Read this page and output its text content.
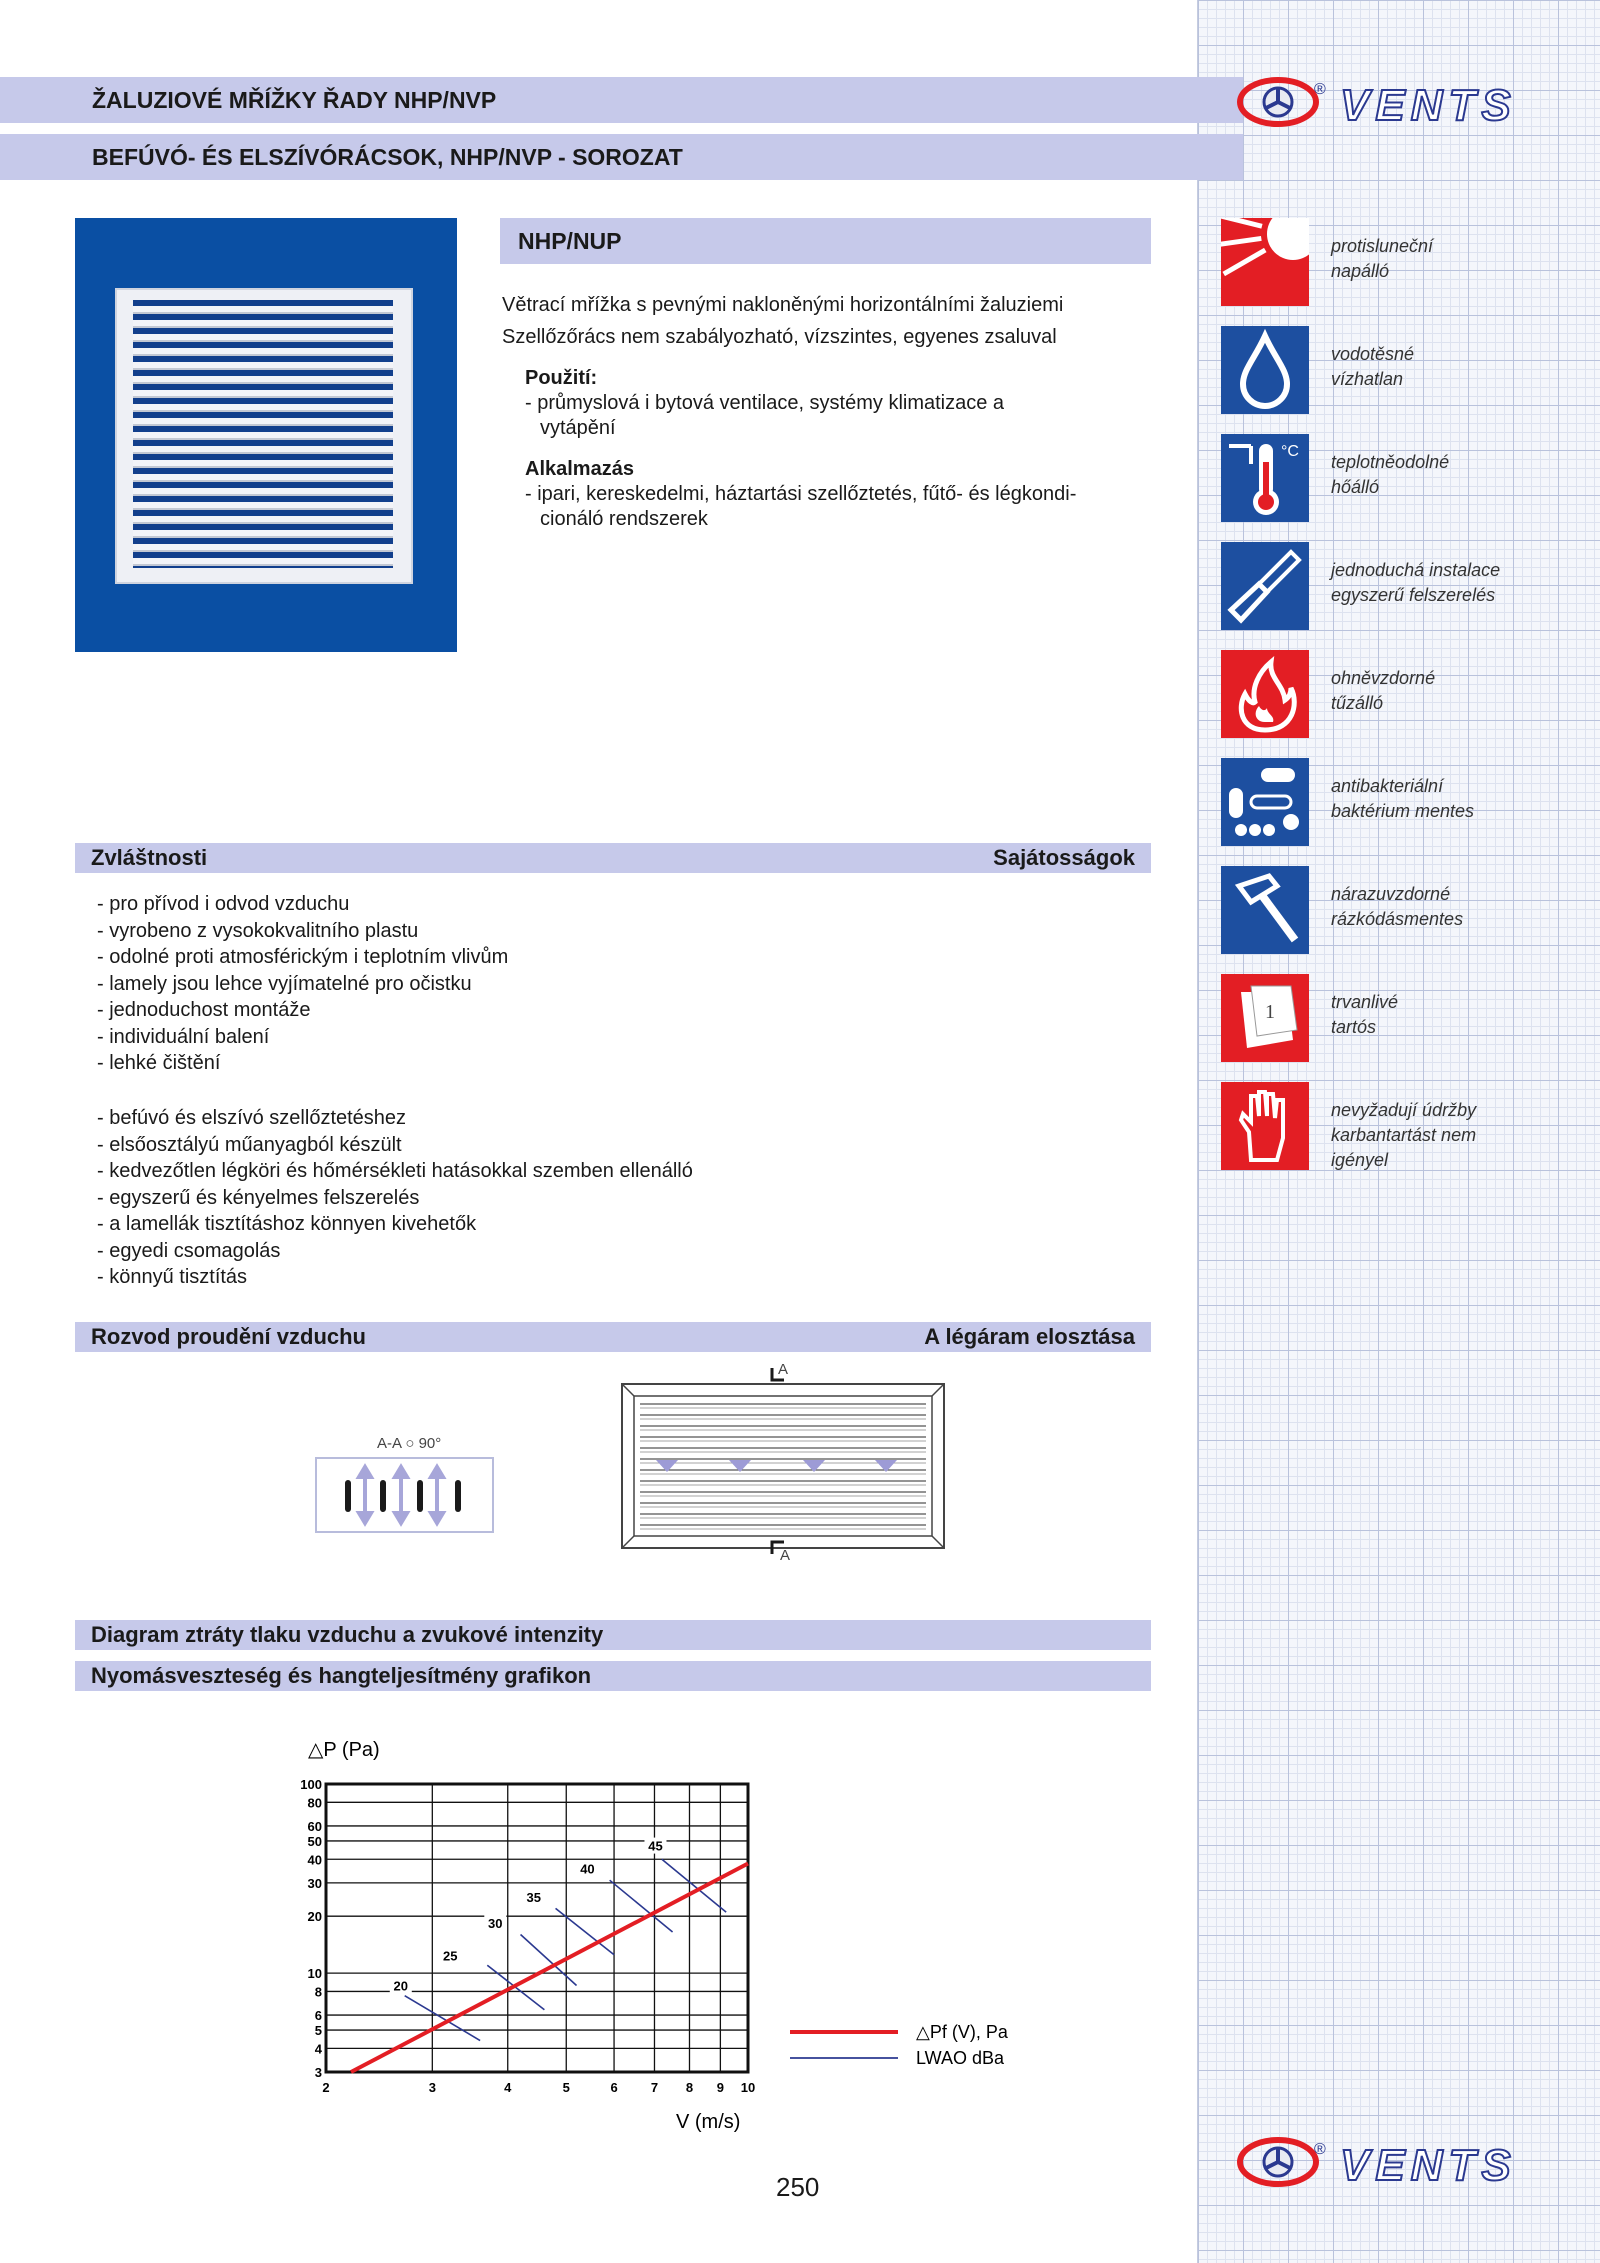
ŽALUZIOVÉ MŘÍŽKY ŘADY NHP/NVP
BEFÚVÓ- ÉS ELSZÍVÓRÁCSOK, NHP/NVP - SOROZAT
® VENTS
® VENTS
NHP/NUP
Větrací mřížka s pevnými nakloněnými horizontálními žaluziemi
Szellőzőrács nem szabályozható, vízszintes, egyenes zsaluval
Použití:
- průmyslová i bytová ventilace, systémy klimatizace a
vytápění
Alkalmazás
- ipari, kereskedelmi, háztartási szellőztetés, fűtő- és légkondi-
cionáló rendszerek
Zvláštnosti	Sajátosságok
- pro přívod i odvod vzduchu
- vyrobeno z vysokokvalitního plastu
- odolné proti atmosférickým i teplotním vlivům
- lamely jsou lehce vyjímatelné pro očistku
- jednoduchost montáže
- individuální balení
- lehké čištění
- befúvó és elszívó szellőztetéshez
- elsőosztályú műanyagból készült
- kedvezőtlen légköri és hőmérsékleti hatásokkal szemben ellenálló
- egyszerű és kényelmes felszerelés
- a lamellák tisztításhoz könnyen kivehetők
- egyedi csomagolás
- könnyű tisztítás
Rozvod proudění vzduchu	A légáram elosztása
A-A ○ 90°
A
A
Diagram ztráty tlaku vzduchu a zvukové intenzity
Nyomásveszteség és hangteljesítmény grafikon
3
4
5
6
8
10
20
30
40
50
60
80
100
2	3	4	5	6	7 8 9 10
△P (Pa)
V (m/s)
20
25
30
35
40
45
△Pf (V), Pa
LWAO dBa
protisluneční
napálló
vodotěsné
vízhatlan
°C
teplotněodolné
hőálló
jednoduchá instalace
egyszerű felszerelés
ohněvzdorné
tűzálló
antibakteriální
baktérium mentes
nárazuvzdorné
rázkódásmentes
1	trvanlivé
tartós
nevyžadují údržby
karbantartást nem
igényel
250
